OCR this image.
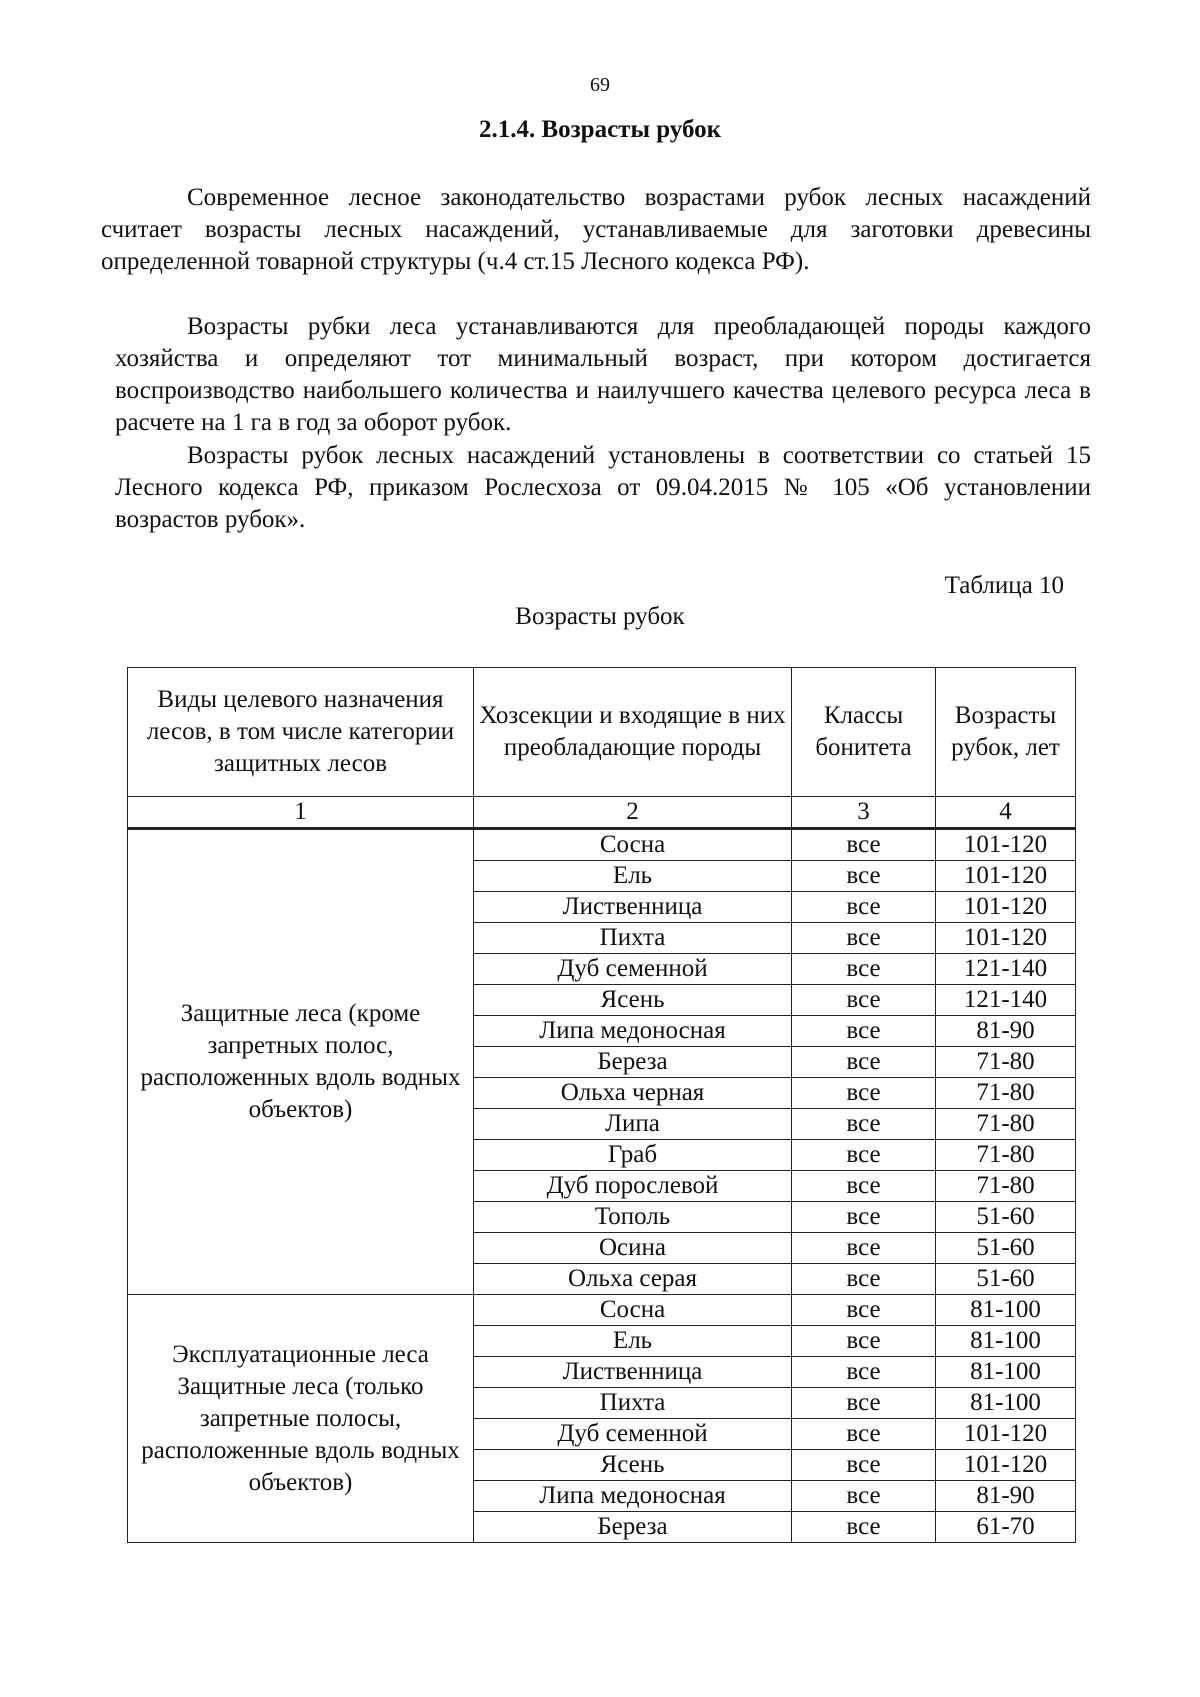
69
2.1.4. Возрасты рубок
Современное лесное законодательство возрастами рубок лесных насаждений считает возрасты лесных насаждений, устанавливаемые для заготовки древесины определенной товарной структуры (ч.4 ст.15 Лесного кодекса РФ).
Возрасты рубки леса устанавливаются для преобладающей породы каждого хозяйства и определяют тот минимальный возраст, при котором достигается воспроизводство наибольшего количества и наилучшего качества целевого ресурса леса в расчете на 1 га в год за оборот рубок.
Возрасты рубок лесных насаждений установлены в соответствии со статьей 15 Лесного кодекса РФ, приказом Рослесхоза от 09.04.2015 № 105 «Об установлении возрастов рубок».
Таблица 10
Возрасты рубок
Виды целевого назначения лесов, в том числе категории защитных лесов	Хозсекции и входящие в них преобладающие породы	Классы бонитета	Возрасты рубок, лет
1	2	3	4
Защитные леса (кроме запретных полос, расположенных вдоль водных объектов)	Сосна	все	101-120
	Ель	все	101-120
	Лиственница	все	101-120
	Пихта	все	101-120
	Дуб семенной	все	121-140
	Ясень	все	121-140
	Липа медоносная	все	81-90
	Береза	все	71-80
	Ольха черная	все	71-80
	Липа	все	71-80
	Граб	все	71-80
	Дуб порослевой	все	71-80
	Тополь	все	51-60
	Осина	все	51-60
	Ольха серая	все	51-60
Эксплуатационные леса Защитные леса (только запретные полосы, расположенные вдоль водных объектов)	Сосна	все	81-100
	Ель	все	81-100
	Лиственница	все	81-100
	Пихта	все	81-100
	Дуб семенной	все	101-120
	Ясень	все	101-120
	Липа медоносная	все	81-90
	Береза	все	61-70
